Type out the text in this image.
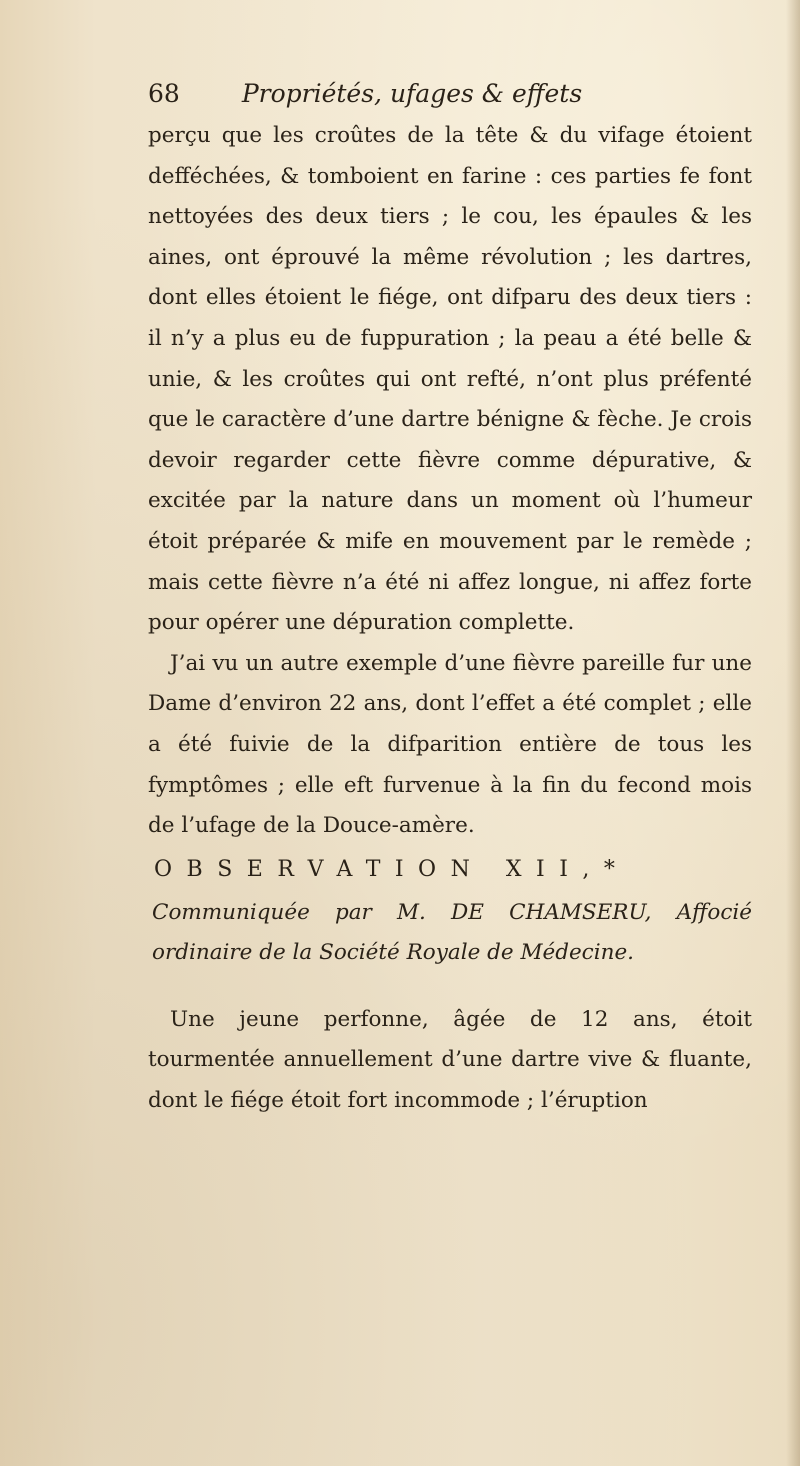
68 Propriétés, ufages & effets

perçu que les croûtes de la tête & du vifage étoient defféchées, & tomboient en farine : ces parties fe font nettoyées des deux tiers ; le cou, les épaules & les aines, ont éprouvé la même révolution ; les dartres, dont elles étoient le fiége, ont difparu des deux tiers : il n’y a plus eu de fuppuration ; la peau a été belle & unie, & les croûtes qui ont refté, n’ont plus préfenté que le caractère d’une dartre bénigne & fèche. Je crois devoir regarder cette fièvre comme dépurative, & excitée par la nature dans un moment où l’humeur étoit préparée & mife en mouvement par le remède ; mais cette fièvre n’a été ni affez longue, ni affez forte pour opérer une dépuration complette.

J’ai vu un autre exemple d’une fièvre pareille fur une Dame d’environ 22 ans, dont l’effet a été complet ; elle a été fuivie de la difparition entière de tous les fymptômes ; elle eft furvenue à la fin du fecond mois de l’ufage de la Douce-amère.

OBSERVATION XII,*

Communiquée par M. DE CHAMSERU, Affocié ordinaire de la Société Royale de Médecine.

Une jeune perfonne, âgée de 12 ans, étoit tourmentée annuellement d’une dartre vive & fluante, dont le fiége étoit fort incommode ; l’éruption
